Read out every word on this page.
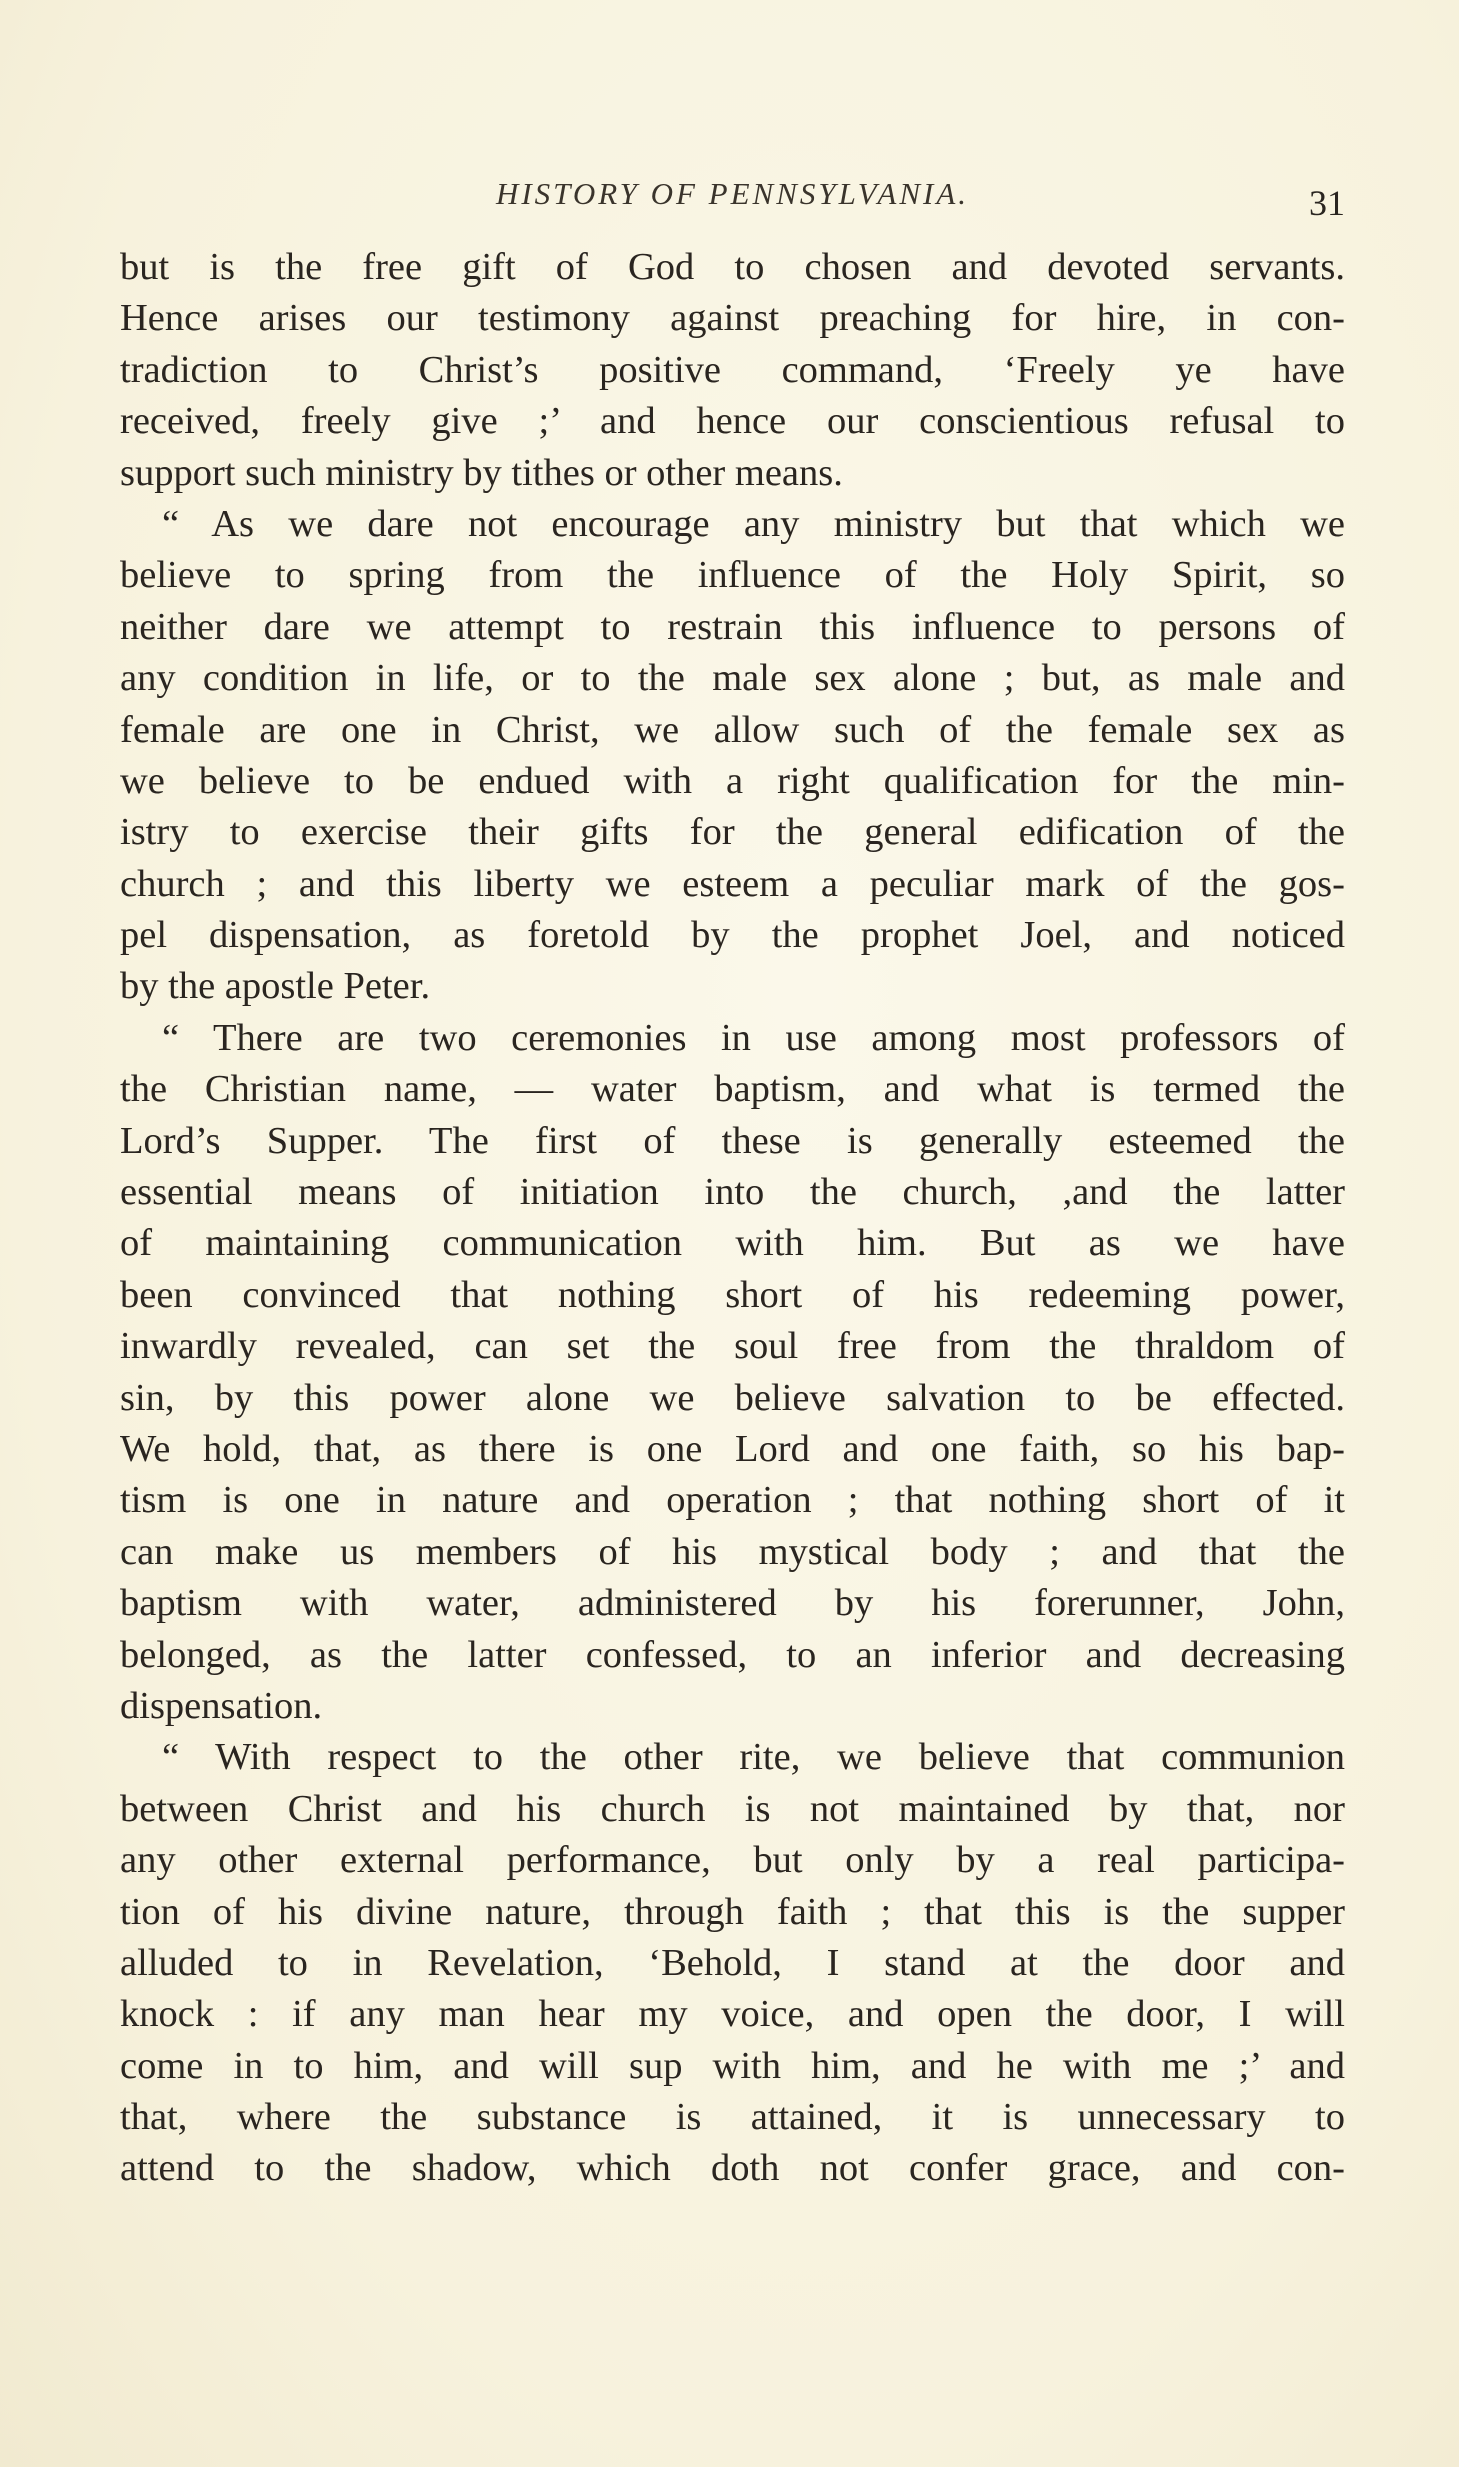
HISTORY OF PENNSYLVANIA.	31
but is the free gift of God to chosen and devoted servants.
Hence arises our testimony against preaching for hire, in con-
tradiction to Christ’s positive command, ‘Freely ye have
received, freely give ;’ and hence our conscientious refusal to
support such ministry by tithes or other means.
“ As we dare not encourage any ministry but that which we
believe to spring from the influence of the Holy Spirit, so
neither dare we attempt to restrain this influence to persons of
any condition in life, or to the male sex alone ; but, as male and
female are one in Christ, we allow such of the female sex as
we believe to be endued with a right qualification for the min-
istry to exercise their gifts for the general edification of the
church ; and this liberty we esteem a peculiar mark of the gos-
pel dispensation, as foretold by the prophet Joel, and noticed
by the apostle Peter.
“ There are two ceremonies in use among most professors of
the Christian name, — water baptism, and what is termed the
Lord’s Supper. The first of these is generally esteemed the
essential means of initiation into the church, ,and the latter
of maintaining communication with him. But as we have
been convinced that nothing short of his redeeming power,
inwardly revealed, can set the soul free from the thraldom of
sin, by this power alone we believe salvation to be effected.
We hold, that, as there is one Lord and one faith, so his bap-
tism is one in nature and operation ; that nothing short of it
can make us members of his mystical body ; and that the
baptism with water, administered by his forerunner, John,
belonged, as the latter confessed, to an inferior and decreasing
dispensation.
“ With respect to the other rite, we believe that communion
between Christ and his church is not maintained by that, nor
any other external performance, but only by a real participa-
tion of his divine nature, through faith ; that this is the supper
alluded to in Revelation, ‘Behold, I stand at the door and
knock : if any man hear my voice, and open the door, I will
come in to him, and will sup with him, and he with me ;’ and
that, where the substance is attained, it is unnecessary to
attend to the shadow, which doth not confer grace, and con-
